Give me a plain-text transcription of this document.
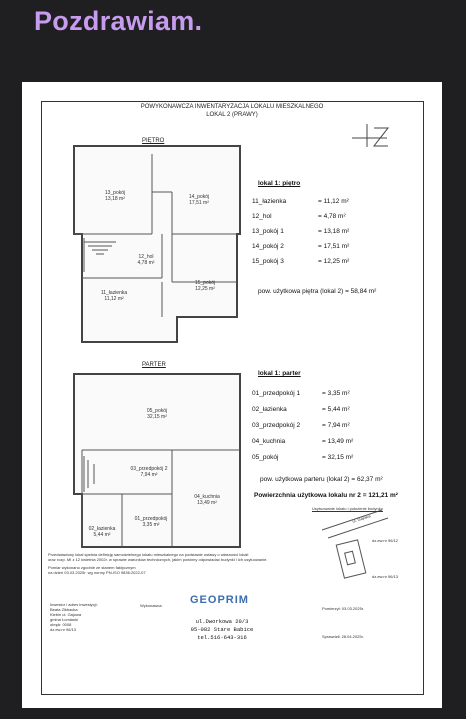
Pozdrawiam.
POWYKONAWCZA INWENTARYZACJA LOKALU MIESZKALNEGO
LOKAL 2 (PRAWY)
PIĘTRO
PARTER
13_pokój
13,18 m²	14_pokój
17,51 m²
12_hol
4,78 m²
11_łazienka
11,12 m²
15_pokój
12,25 m²
05_pokój
32,15 m²
03_przedpokój 2
7,94 m²
04_kuchnia
13,49 m²
02_łazienka
5,44 m²
01_przedpokój
3,35 m²
lokal 1: piętro
11_łazienka	= 11,12 m²
12_hol	= 4,78 m²
13_pokój 1	= 13,18 m²
14_pokój 2	= 17,51 m²
15_pokój 3	= 12,25 m²
pow. użytkowa piętra (lokal 2) = 58,84 m²
lokal 1: parter
01_przedpokój 1	= 3,35 m²
02_łazienka	= 5,44 m²
03_przedpokój 2	= 7,94 m²
04_kuchnia	= 13,49 m²
05_pokój	= 32,15 m²
pow. użytkowa parteru (lokal 2) = 62,37 m²
Powierzchnia użytkowa lokalu nr 2 = 121,21 m²
Usytuowanie lokalu i położenie budynku
ul. Gajowa
dz.ew.nr 96/12
dz.ew.nr 96/13
Przedstawiony lokal spełnia definicję samodzielnego lokalu mieszkalnego na podstawie ustawy o własności lokali
oraz rozp. MI z 12 kwietnia 2002r. w sprawie warunków technicznych, jakim powinny odpowiadać budynki i ich usytuowanie.
Pomiar wykonano zgodnie ze stanem faktycznym
na dzień 03.03.2025r. wg normy PN-ISO 9836:2022-07
Inwestor i adres inwestycji:
Beata Zikbacka
Klebin ul. Gajowa
gmina Łomianki
obręb: 0008
dz.ew.nr 96/13
Wykonawca: GEOPRIM
Pomierzył: 03.03.2025r.
Sprawdził: 28.04.2025r.
ul.Dworkowa 20/3
05-082 Stare Babice
tel.516-643-316
